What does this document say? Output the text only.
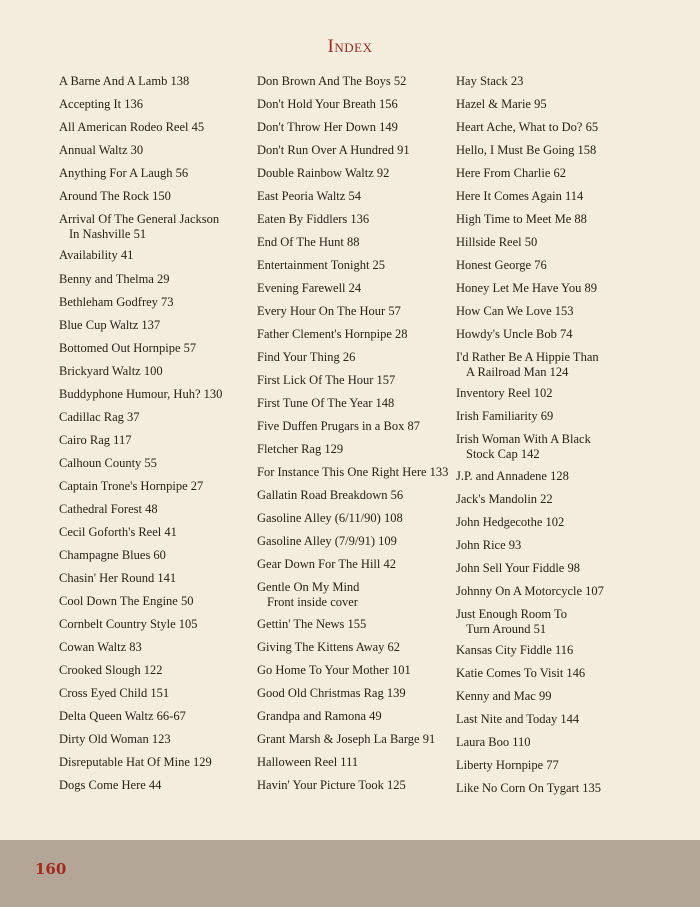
Index
A Barne And A Lamb 138
Accepting It 136
All American Rodeo Reel 45
Annual Waltz 30
Anything For A Laugh 56
Around The Rock 150
Arrival Of The General Jackson
In Nashville 51
Availability 41
Benny and Thelma 29
Bethleham Godfrey 73
Blue Cup Waltz 137
Bottomed Out Hornpipe 57
Brickyard Waltz 100
Buddyphone Humour, Huh? 130
Cadillac Rag 37
Cairo Rag 117
Calhoun County 55
Captain Trone's Hornpipe 27
Cathedral Forest 48
Cecil Goforth's Reel 41
Champagne Blues 60
Chasin' Her Round 141
Cool Down The Engine 50
Cornbelt Country Style 105
Cowan Waltz 83
Crooked Slough 122
Cross Eyed Child 151
Delta Queen Waltz 66-67
Dirty Old Woman 123
Disreputable Hat Of Mine 129
Dogs Come Here 44
Don Brown And The Boys 52
Don't Hold Your Breath 156
Don't Throw Her Down 149
Don't Run Over A Hundred 91
Double Rainbow Waltz 92
East Peoria Waltz 54
Eaten By Fiddlers 136
End Of The Hunt 88
Entertainment Tonight 25
Evening Farewell 24
Every Hour On The Hour 57
Father Clement's Hornpipe 28
Find Your Thing 26
First Lick Of The Hour 157
First Tune Of The Year 148
Five Duffen Prugars in a Box 87
Fletcher Rag 129
For Instance This One Right Here 133
Gallatin Road Breakdown 56
Gasoline Alley (6/11/90) 108
Gasoline Alley (7/9/91) 109
Gear Down For The Hill 42
Gentle On My Mind
Front inside cover
Gettin' The News 155
Giving The Kittens Away 62
Go Home To Your Mother 101
Good Old Christmas Rag 139
Grandpa and Ramona 49
Grant Marsh & Joseph La Barge 91
Halloween Reel 111
Havin' Your Picture Took 125
Hay Stack 23
Hazel & Marie 95
Heart Ache, What to Do? 65
Hello, I Must Be Going 158
Here From Charlie 62
Here It Comes Again 114
High Time to Meet Me 88
Hillside Reel 50
Honest George 76
Honey Let Me Have You 89
How Can We Love 153
Howdy's Uncle Bob 74
I'd Rather Be A Hippie Than
A Railroad Man 124
Inventory Reel 102
Irish Familiarity 69
Irish Woman With A Black
Stock Cap 142
J.P. and Annadene 128
Jack's Mandolin 22
John Hedgecothe 102
John Rice 93
John Sell Your Fiddle 98
Johnny On A Motorcycle 107
Just Enough Room To
Turn Around 51
Kansas City Fiddle 116
Katie Comes To Visit 146
Kenny and Mac 99
Last Nite and Today 144
Laura Boo 110
Liberty Hornpipe 77
Like No Corn On Tygart 135
160
